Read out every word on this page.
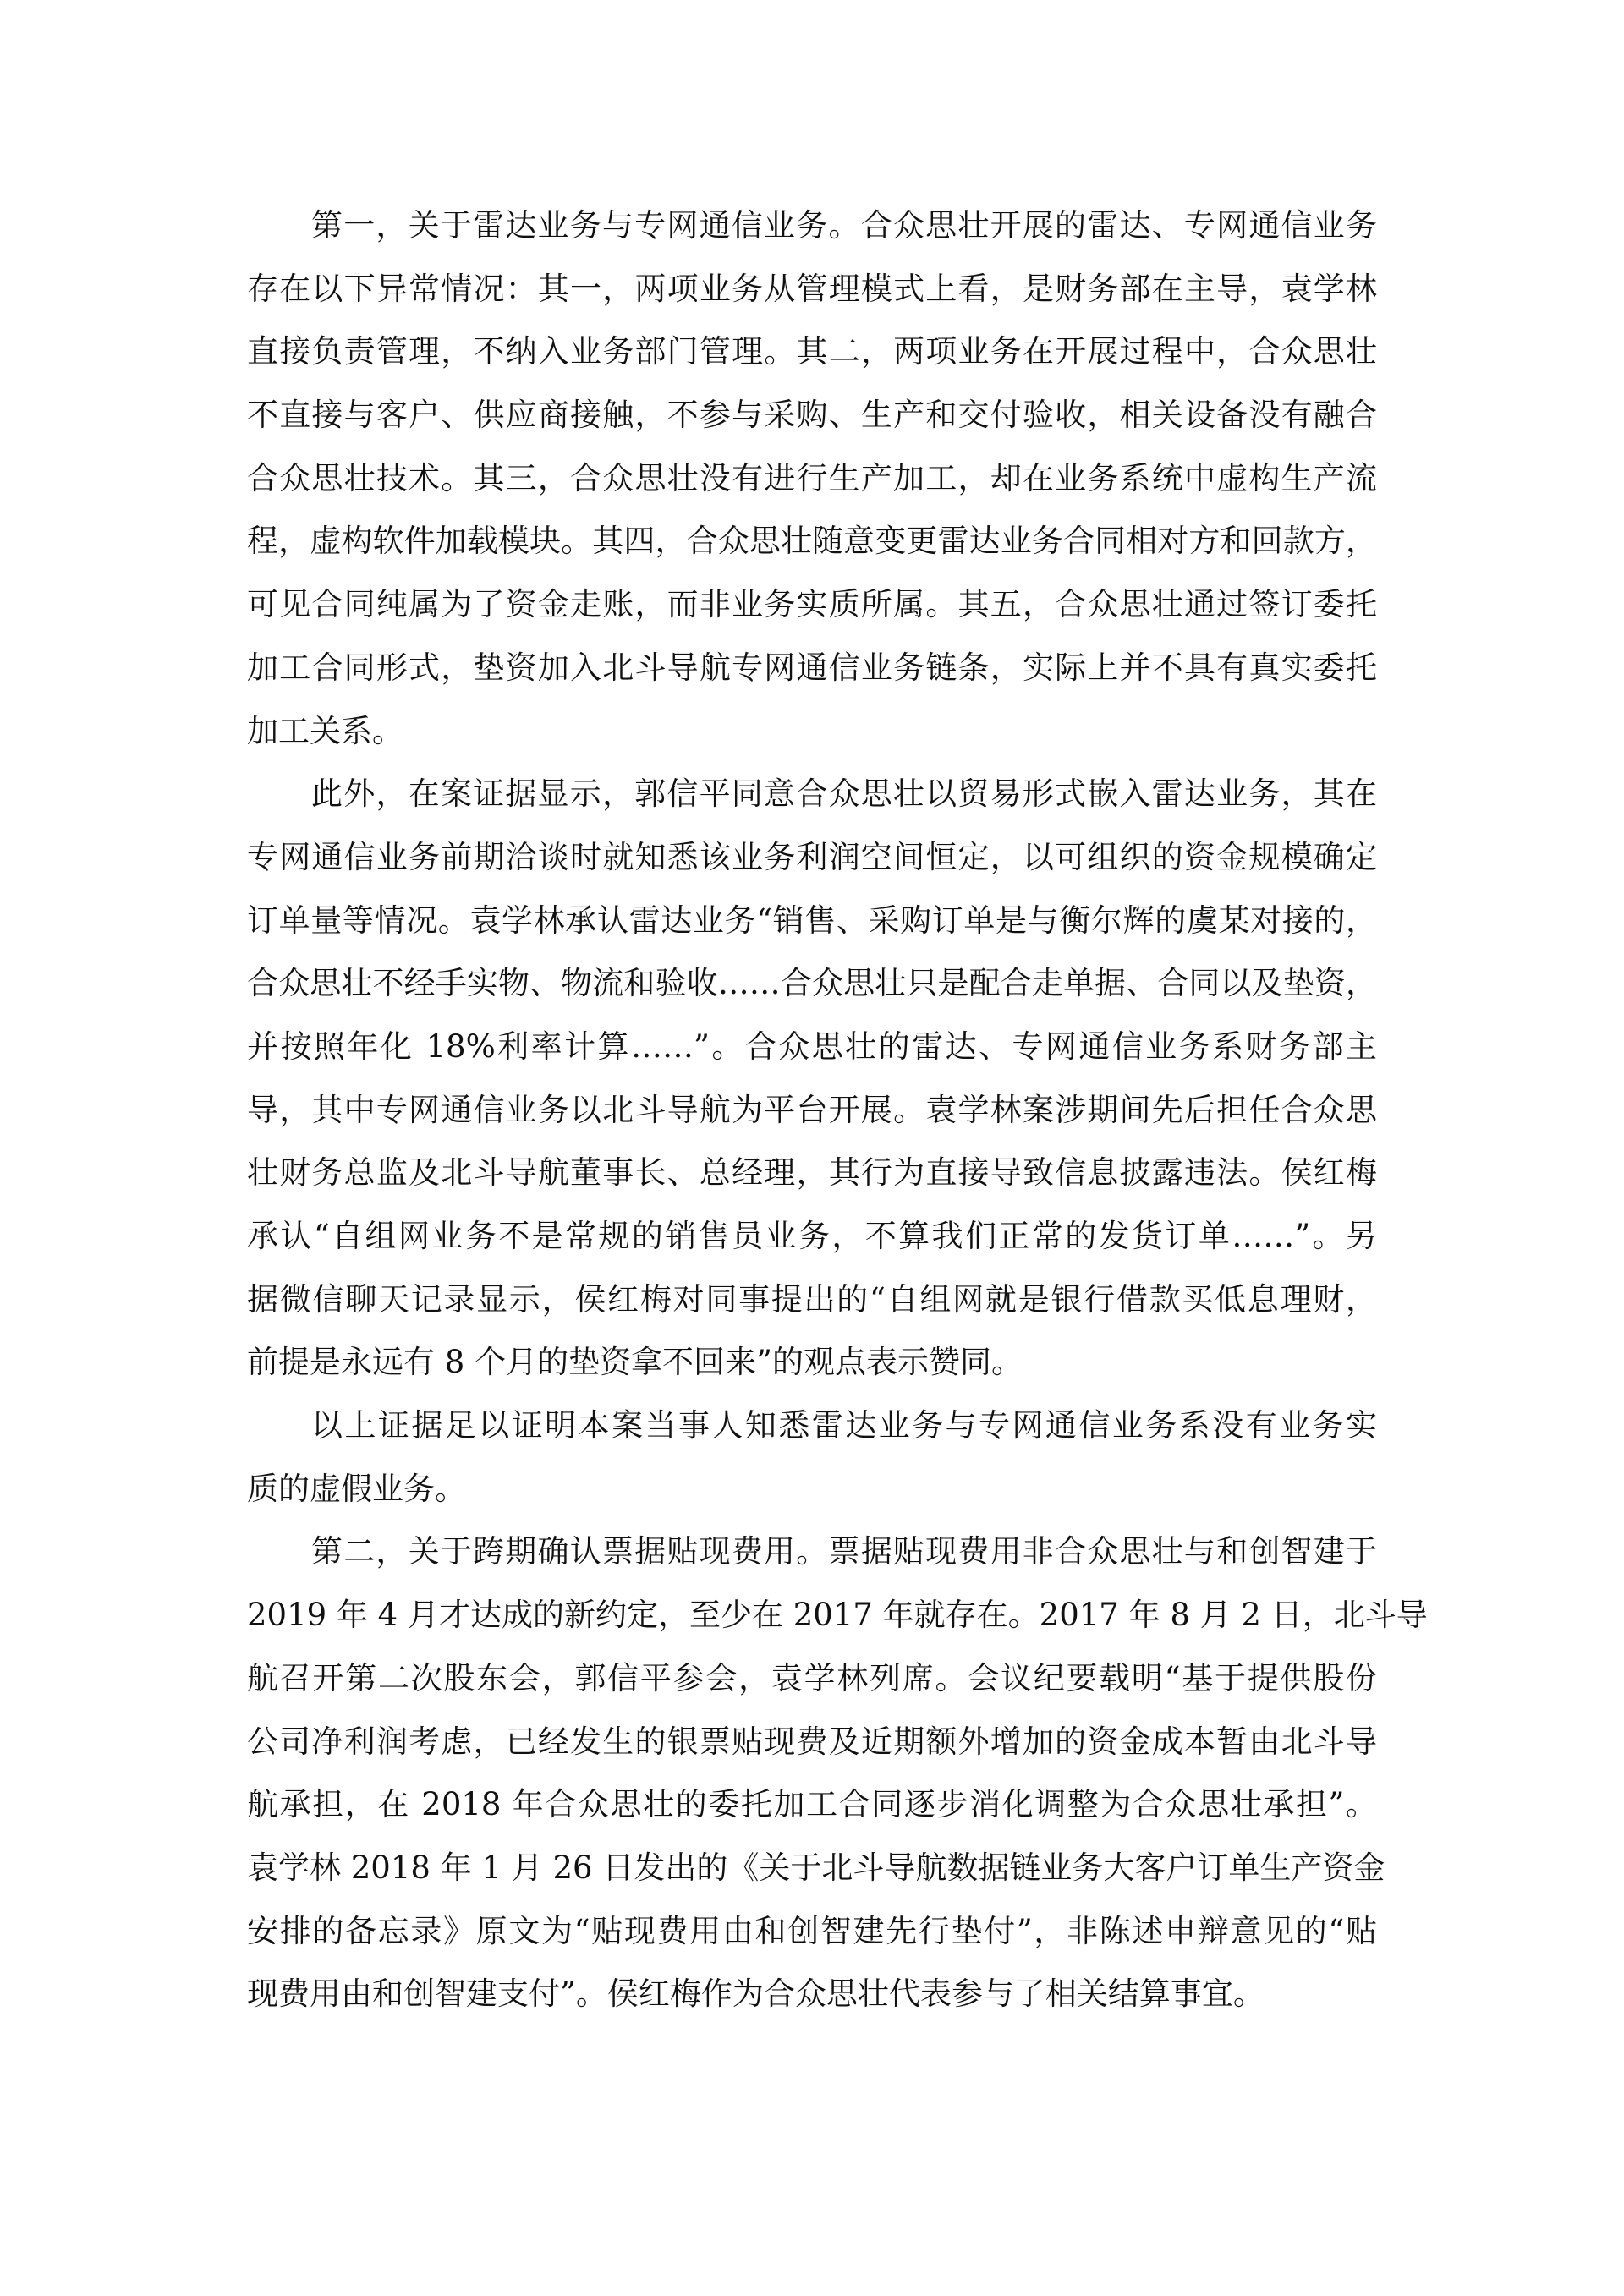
第一，关于雷达业务与专网通信业务。合众思壮开展的雷达、专网通信业务
存在以下异常情况：其一，两项业务从管理模式上看，是财务部在主导，袁学林
直接负责管理，不纳入业务部门管理。其二，两项业务在开展过程中，合众思壮
不直接与客户、供应商接触，不参与采购、生产和交付验收，相关设备没有融合
合众思壮技术。其三，合众思壮没有进行生产加工，却在业务系统中虚构生产流
程，虚构软件加载模块。其四，合众思壮随意变更雷达业务合同相对方和回款方，
可见合同纯属为了资金走账，而非业务实质所属。其五，合众思壮通过签订委托
加工合同形式，垫资加入北斗导航专网通信业务链条，实际上并不具有真实委托
加工关系。
此外，在案证据显示，郭信平同意合众思壮以贸易形式嵌入雷达业务，其在
专网通信业务前期洽谈时就知悉该业务利润空间恒定，以可组织的资金规模确定
订单量等情况。袁学林承认雷达业务“销售、采购订单是与衡尔辉的虞某对接的，
合众思壮不经手实物、物流和验收……合众思壮只是配合走单据、合同以及垫资，
并按照年化 18%利率计算……”。合众思壮的雷达、专网通信业务系财务部主
导，其中专网通信业务以北斗导航为平台开展。袁学林案涉期间先后担任合众思
壮财务总监及北斗导航董事长、总经理，其行为直接导致信息披露违法。侯红梅
承认“自组网业务不是常规的销售员业务，不算我们正常的发货订单……”。另
据微信聊天记录显示，侯红梅对同事提出的“自组网就是银行借款买低息理财，
前提是永远有 8 个月的垫资拿不回来”的观点表示赞同。
以上证据足以证明本案当事人知悉雷达业务与专网通信业务系没有业务实
质的虚假业务。
第二，关于跨期确认票据贴现费用。票据贴现费用非合众思壮与和创智建于
2019 年 4 月才达成的新约定，至少在 2017 年就存在。2017 年 8 月 2 日，北斗导
航召开第二次股东会，郭信平参会，袁学林列席。会议纪要载明“基于提供股份
公司净利润考虑，已经发生的银票贴现费及近期额外增加的资金成本暂由北斗导
航承担，在 2018 年合众思壮的委托加工合同逐步消化调整为合众思壮承担”。
袁学林 2018 年 1 月 26 日发出的《关于北斗导航数据链业务大客户订单生产资金
安排的备忘录》原文为“贴现费用由和创智建先行垫付”，非陈述申辩意见的“贴
现费用由和创智建支付”。侯红梅作为合众思壮代表参与了相关结算事宜。
